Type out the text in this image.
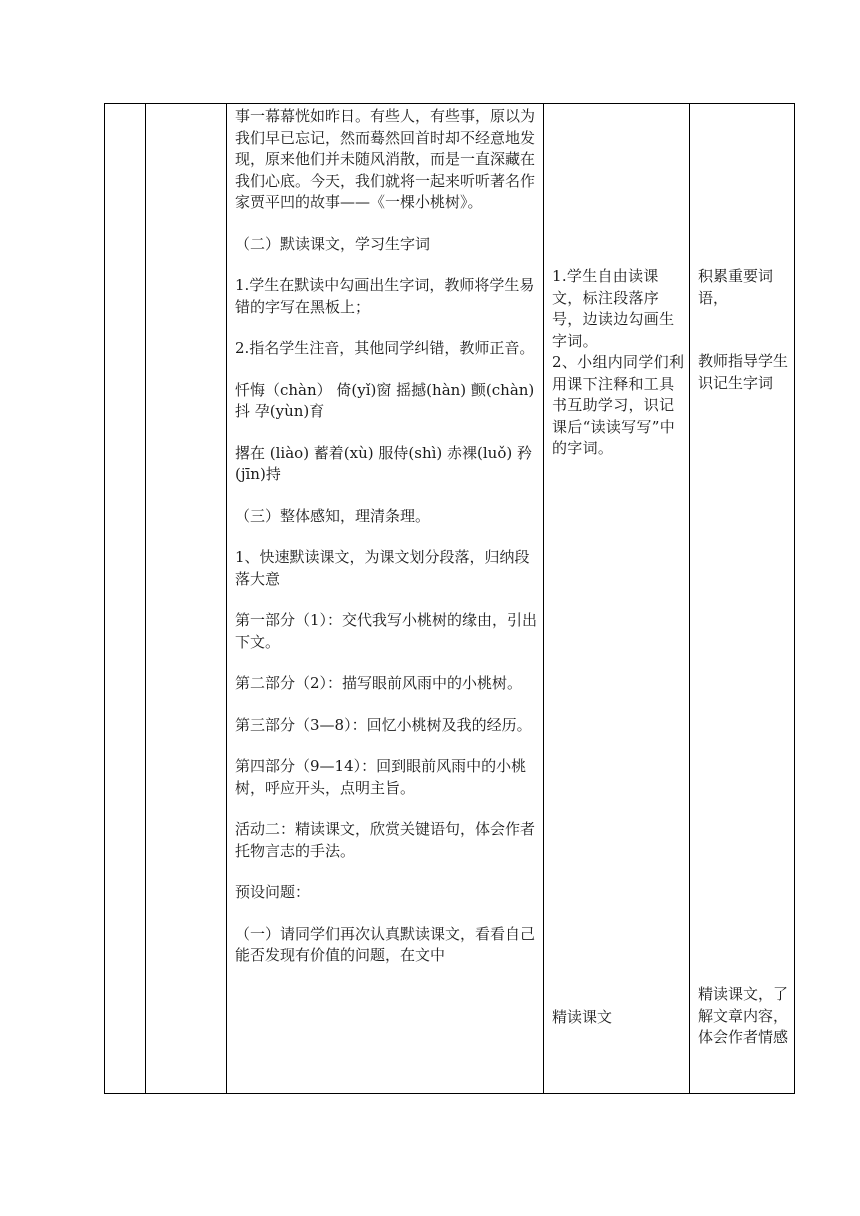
事一幕幕恍如昨日。有些人，有些事，原以为我们早已忘记，然而蓦然回首时却不经意地发现，原来他们并未随风消散，而是一直深藏在我们心底。今天，我们就将一起来听听著名作家贾平凹的故事——《一棵小桃树》。

（二）默读课文，学习生字词

1.学生在默读中勾画出生字词，教师将学生易错的字写在黑板上；

2.指名学生注音，其他同学纠错，教师正音。

忏悔（chàn） 倚(yǐ)窗 摇撼(hàn) 颤(chàn)抖 孕(yùn)育

撂在 (liào) 蓄着(xù) 服侍(shì) 赤裸(luǒ) 矜(jīn)持

（三）整体感知，理清条理。

1、快速默读课文，为课文划分段落，归纳段落大意

第一部分（1）：交代我写小桃树的缘由，引出下文。

第二部分（2）：描写眼前风雨中的小桃树。

第三部分（3—8）：回忆小桃树及我的经历。

第四部分（9—14）：回到眼前风雨中的小桃树，呼应开头，点明主旨。

活动二：精读课文，欣赏关键语句，体会作者托物言志的手法。

预设问题：

（一）请同学们再次认真默读课文，看看自己能否发现有价值的问题，在文中

1.学生自由读课文，标注段落序号，边读边勾画生字词。
2、小组内同学们利用课下注释和工具书互助学习，识记课后“读读写写”中的字词。
精读课文
积累重要词语，
教师指导学生识记生字词
精读课文，了解文章内容，体会作者情感
